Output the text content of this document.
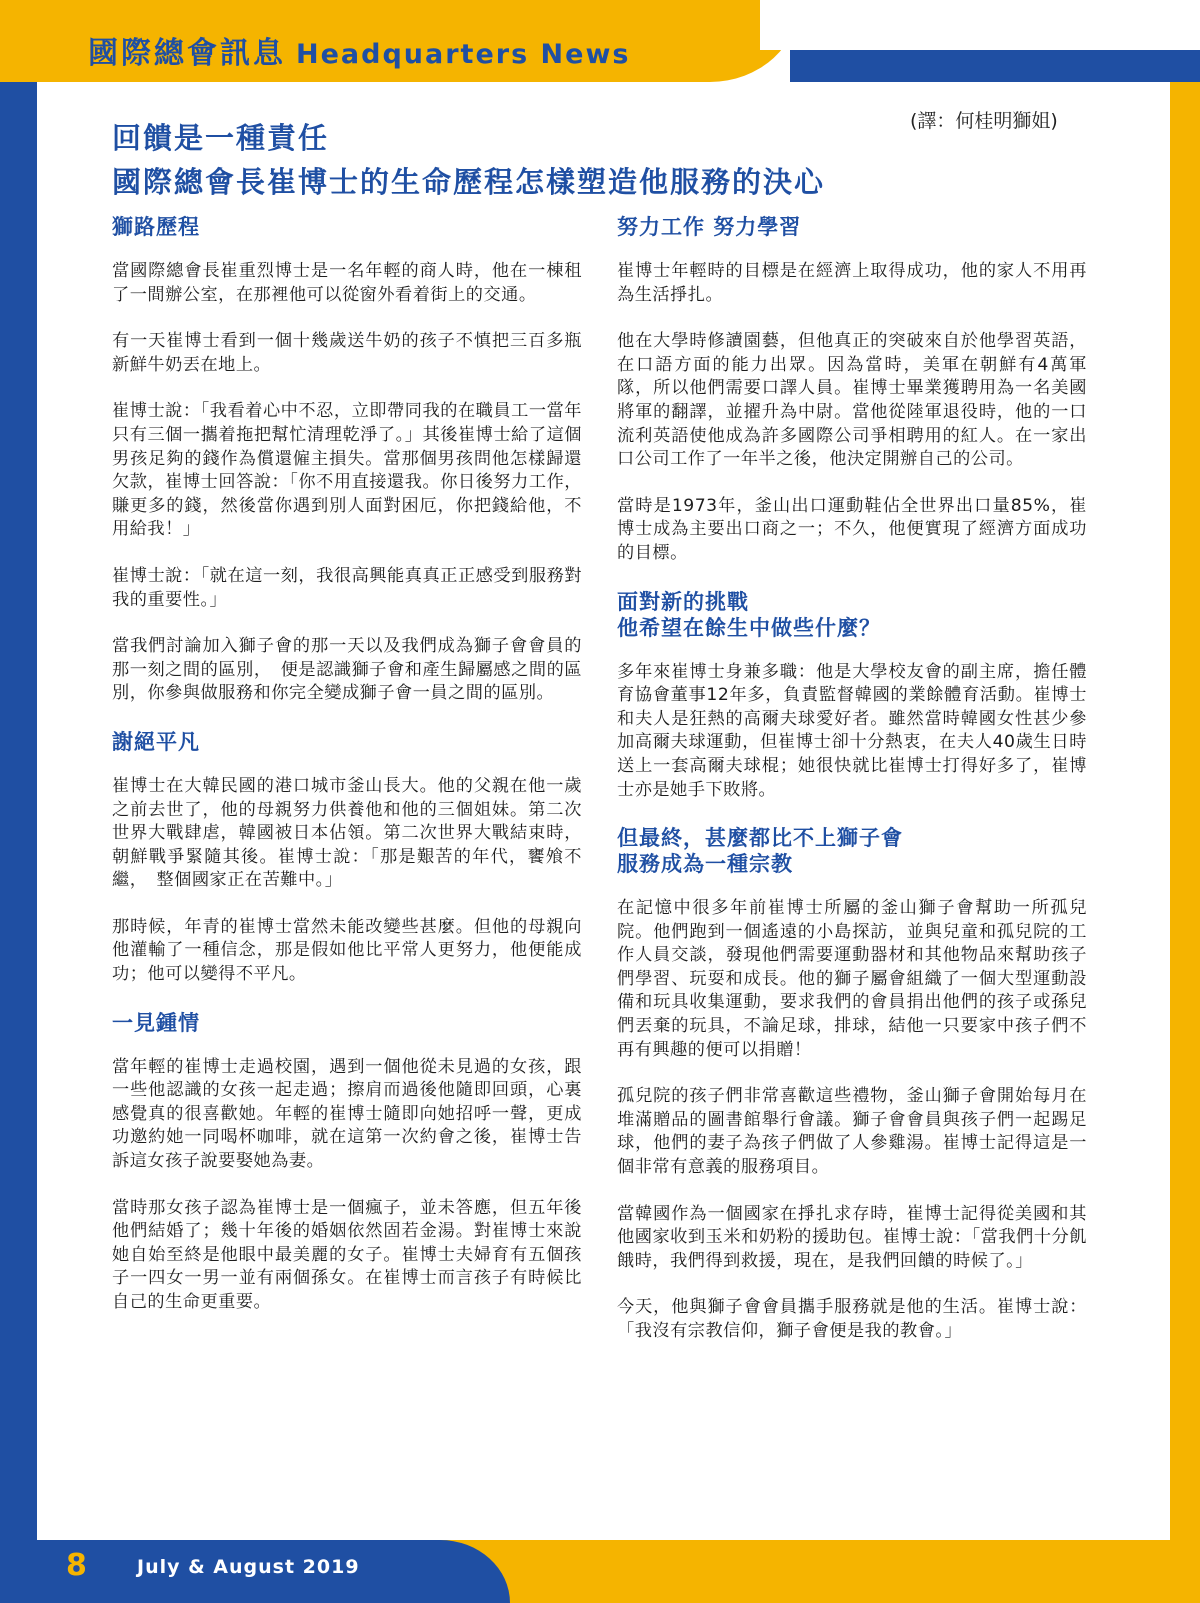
國際總會訊息 Headquarters News
(譯：何桂明獅姐)
回饋是一種責任
國際總會長崔博士的生命歷程怎樣塑造他服務的決心
獅路歷程

當國際總會長崔重烈博士是一名年輕的商人時，他在一棟租了一間辦公室，在那裡他可以從窗外看着街上的交通。

有一天崔博士看到一個十幾歲送牛奶的孩子不慎把三百多瓶新鮮牛奶丟在地上。

崔博士說：「我看着心中不忍，立即帶同我的在職員工一當年只有三個一攜着拖把幫忙清理乾淨了。」其後崔博士給了這個男孩足夠的錢作為償還僱主損失。當那個男孩問他怎樣歸還欠款，崔博士回答說：「你不用直接還我。你日後努力工作，賺更多的錢，然後當你遇到別人面對困厄，你把錢給他，不用給我！」

崔博士說：「就在這一刻，我很高興能真真正正感受到服務對我的重要性。」

當我們討論加入獅子會的那一天以及我們成為獅子會會員的那一刻之間的區別，　便是認識獅子會和產生歸屬感之間的區別，你參與做服務和你完全變成獅子會一員之間的區別。

謝絕平凡

崔博士在大韓民國的港口城市釜山長大。他的父親在他一歲之前去世了，他的母親努力供養他和他的三個姐妹。第二次世界大戰肆虐，韓國被日本佔領。第二次世界大戰結束時，朝鮮戰爭緊隨其後。崔博士說：「那是艱苦的年代，饔飧不繼，　整個國家正在苦難中。」

那時候，年青的崔博士當然未能改變些甚麼。但他的母親向他灌輸了一種信念，那是假如他比平常人更努力，他便能成功；他可以變得不平凡。

一見鍾情

當年輕的崔博士走過校園，遇到一個他從未見過的女孩，跟一些他認識的女孩一起走過；擦肩而過後他隨即回頭，心裏感覺真的很喜歡她。年輕的崔博士隨即向她招呼一聲，更成功邀約她一同喝杯咖啡，就在這第一次約會之後，崔博士告訴這女孩子說要娶她為妻。

當時那女孩子認為崔博士是一個瘋子，並未答應，但五年後他們結婚了；幾十年後的婚姻依然固若金湯。對崔博士來說她自始至終是他眼中最美麗的女子。崔博士夫婦育有五個孩子一四女一男一並有兩個孫女。在崔博士而言孩子有時候比自己的生命更重要。

努力工作 努力學習

崔博士年輕時的目標是在經濟上取得成功，他的家人不用再為生活掙扎。

他在大學時修讀園藝，但他真正的突破來自於他學習英語，在口語方面的能力出眾。因為當時，美軍在朝鮮有4萬軍隊，所以他們需要口譯人員。崔博士畢業獲聘用為一名美國將軍的翻譯，並擢升為中尉。當他從陸軍退役時，他的一口流利英語使他成為許多國際公司爭相聘用的紅人。在一家出口公司工作了一年半之後，他決定開辦自己的公司。

當時是1973年，釜山出口運動鞋佔全世界出口量85%，崔博士成為主要出口商之一；不久，他便實現了經濟方面成功的目標。

面對新的挑戰
他希望在餘生中做些什麼？

多年來崔博士身兼多職：他是大學校友會的副主席，擔任體育協會董事12年多，負責監督韓國的業餘體育活動。崔博士和夫人是狂熱的高爾夫球愛好者。雖然當時韓國女性甚少參加高爾夫球運動，但崔博士卻十分熱衷，在夫人40歲生日時送上一套高爾夫球棍；她很快就比崔博士打得好多了，崔博士亦是她手下敗將。

但最終，甚麼都比不上獅子會
服務成為一種宗教

在記憶中很多年前崔博士所屬的釜山獅子會幫助一所孤兒院。他們跑到一個遙遠的小島探訪，並與兒童和孤兒院的工作人員交談，發現他們需要運動器材和其他物品來幫助孩子們學習、玩耍和成長。他的獅子屬會組織了一個大型運動設備和玩具收集運動，要求我們的會員捐出他們的孩子或孫兒們丟棄的玩具，不論足球，排球，結他一只要家中孩子們不再有興趣的便可以捐贈！

孤兒院的孩子們非常喜歡這些禮物，釜山獅子會開始每月在堆滿贈品的圖書館舉行會議。獅子會會員與孩子們一起踢足球，他們的妻子為孩子們做了人參雞湯。崔博士記得這是一個非常有意義的服務項目。

當韓國作為一個國家在掙扎求存時，崔博士記得從美國和其他國家收到玉米和奶粉的援助包。崔博士說：「當我們十分飢餓時，我們得到救援，現在，是我們回饋的時候了。」

今天，他與獅子會會員攜手服務就是他的生活。崔博士說：「我沒有宗教信仰，獅子會便是我的教會。」

8	July & August 2019
